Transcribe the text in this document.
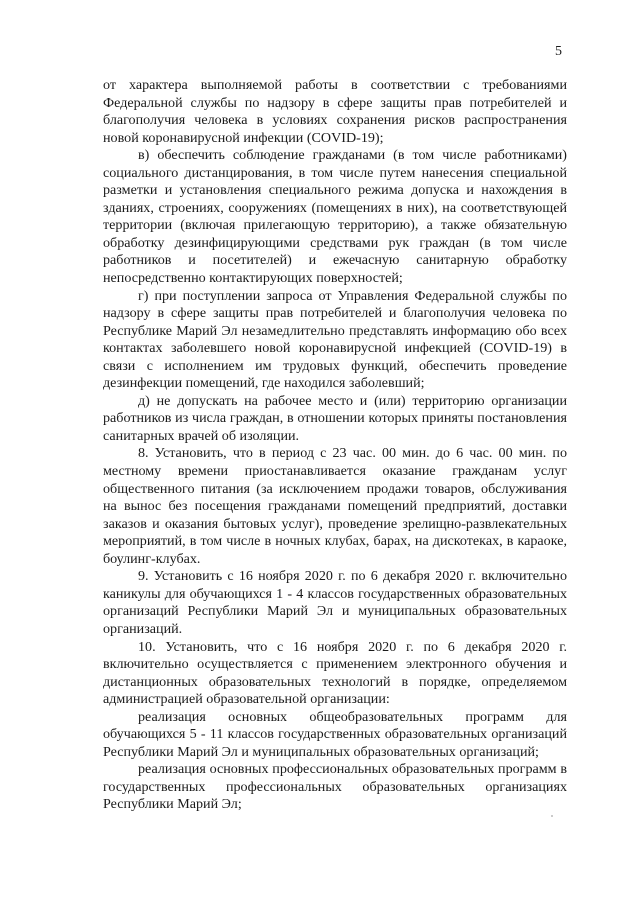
5

от характера выполняемой работы в соответствии с требованиями Федеральной службы по надзору в сфере защиты прав потребителей и благополучия человека в условиях сохранения рисков распространения новой коронавирусной инфекции (COVID-19);

в) обеспечить соблюдение гражданами (в том числе работниками) социального дистанцирования, в том числе путем нанесения специальной разметки и установления специального режима допуска и нахождения в зданиях, строениях, сооружениях (помещениях в них), на соответствующей территории (включая прилегающую территорию), а также обязательную обработку дезинфицирующими средствами рук граждан (в том числе работников и посетителей) и ежечасную санитарную обработку непосредственно контактирующих поверхностей;

г) при поступлении запроса от Управления Федеральной службы по надзору в сфере защиты прав потребителей и благополучия человека по Республике Марий Эл незамедлительно представлять информацию обо всех контактах заболевшего новой коронавирусной инфекцией (COVID-19) в связи с исполнением им трудовых функций, обеспечить проведение дезинфекции помещений, где находился заболевший;

д) не допускать на рабочее место и (или) территорию организации работников из числа граждан, в отношении которых приняты постановления санитарных врачей об изоляции.

8. Установить, что в период с 23 час. 00 мин. до 6 час. 00 мин. по местному времени приостанавливается оказание гражданам услуг общественного питания (за исключением продажи товаров, обслуживания на вынос без посещения гражданами помещений предприятий, доставки заказов и оказания бытовых услуг), проведение зрелищно-развлекательных мероприятий, в том числе в ночных клубах, барах, на дискотеках, в караоке, боулинг-клубах.

9. Установить с 16 ноября 2020 г. по 6 декабря 2020 г. включительно каникулы для обучающихся 1 - 4 классов государственных образовательных организаций Республики Марий Эл и муниципальных образовательных организаций.

10. Установить, что с 16 ноября 2020 г. по 6 декабря 2020 г. включительно осуществляется с применением электронного обучения и дистанционных образовательных технологий в порядке, определяемом администрацией образовательной организации:

реализация основных общеобразовательных программ для обучающихся 5 - 11 классов государственных образовательных организаций Республики Марий Эл и муниципальных образовательных организаций;

реализация основных профессиональных образовательных программ в государственных профессиональных образовательных организациях Республики Марий Эл;
